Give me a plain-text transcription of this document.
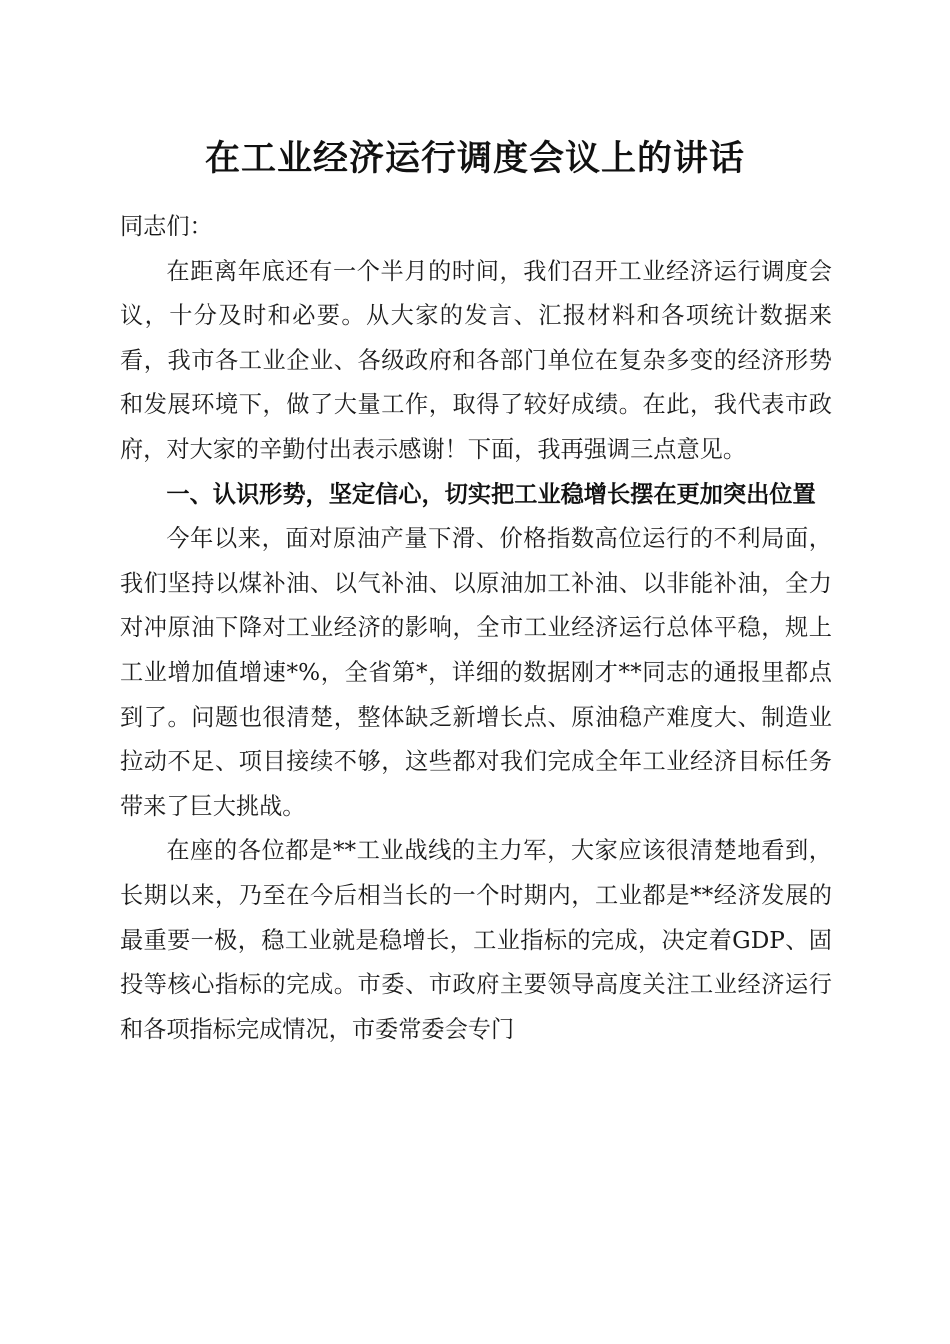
在工业经济运行调度会议上的讲话

同志们：

在距离年底还有一个半月的时间，我们召开工业经济运行调度会议，十分及时和必要。从大家的发言、汇报材料和各项统计数据来看，我市各工业企业、各级政府和各部门单位在复杂多变的经济形势和发展环境下，做了大量工作，取得了较好成绩。在此，我代表市政府，对大家的辛勤付出表示感谢！下面，我再强调三点意见。

一、认识形势，坚定信心，切实把工业稳增长摆在更加突出位置

今年以来，面对原油产量下滑、价格指数高位运行的不利局面，我们坚持以煤补油、以气补油、以原油加工补油、以非能补油，全力对冲原油下降对工业经济的影响，全市工业经济运行总体平稳，规上工业增加值增速*%，全省第*，详细的数据刚才**同志的通报里都点到了。问题也很清楚，整体缺乏新增长点、原油稳产难度大、制造业拉动不足、项目接续不够，这些都对我们完成全年工业经济目标任务带来了巨大挑战。

在座的各位都是**工业战线的主力军，大家应该很清楚地看到，长期以来，乃至在今后相当长的一个时期内，工业都是**经济发展的最重要一极，稳工业就是稳增长，工业指标的完成，决定着GDP、固投等核心指标的完成。市委、市政府主要领导高度关注工业经济运行和各项指标完成情况，市委常委会专门
